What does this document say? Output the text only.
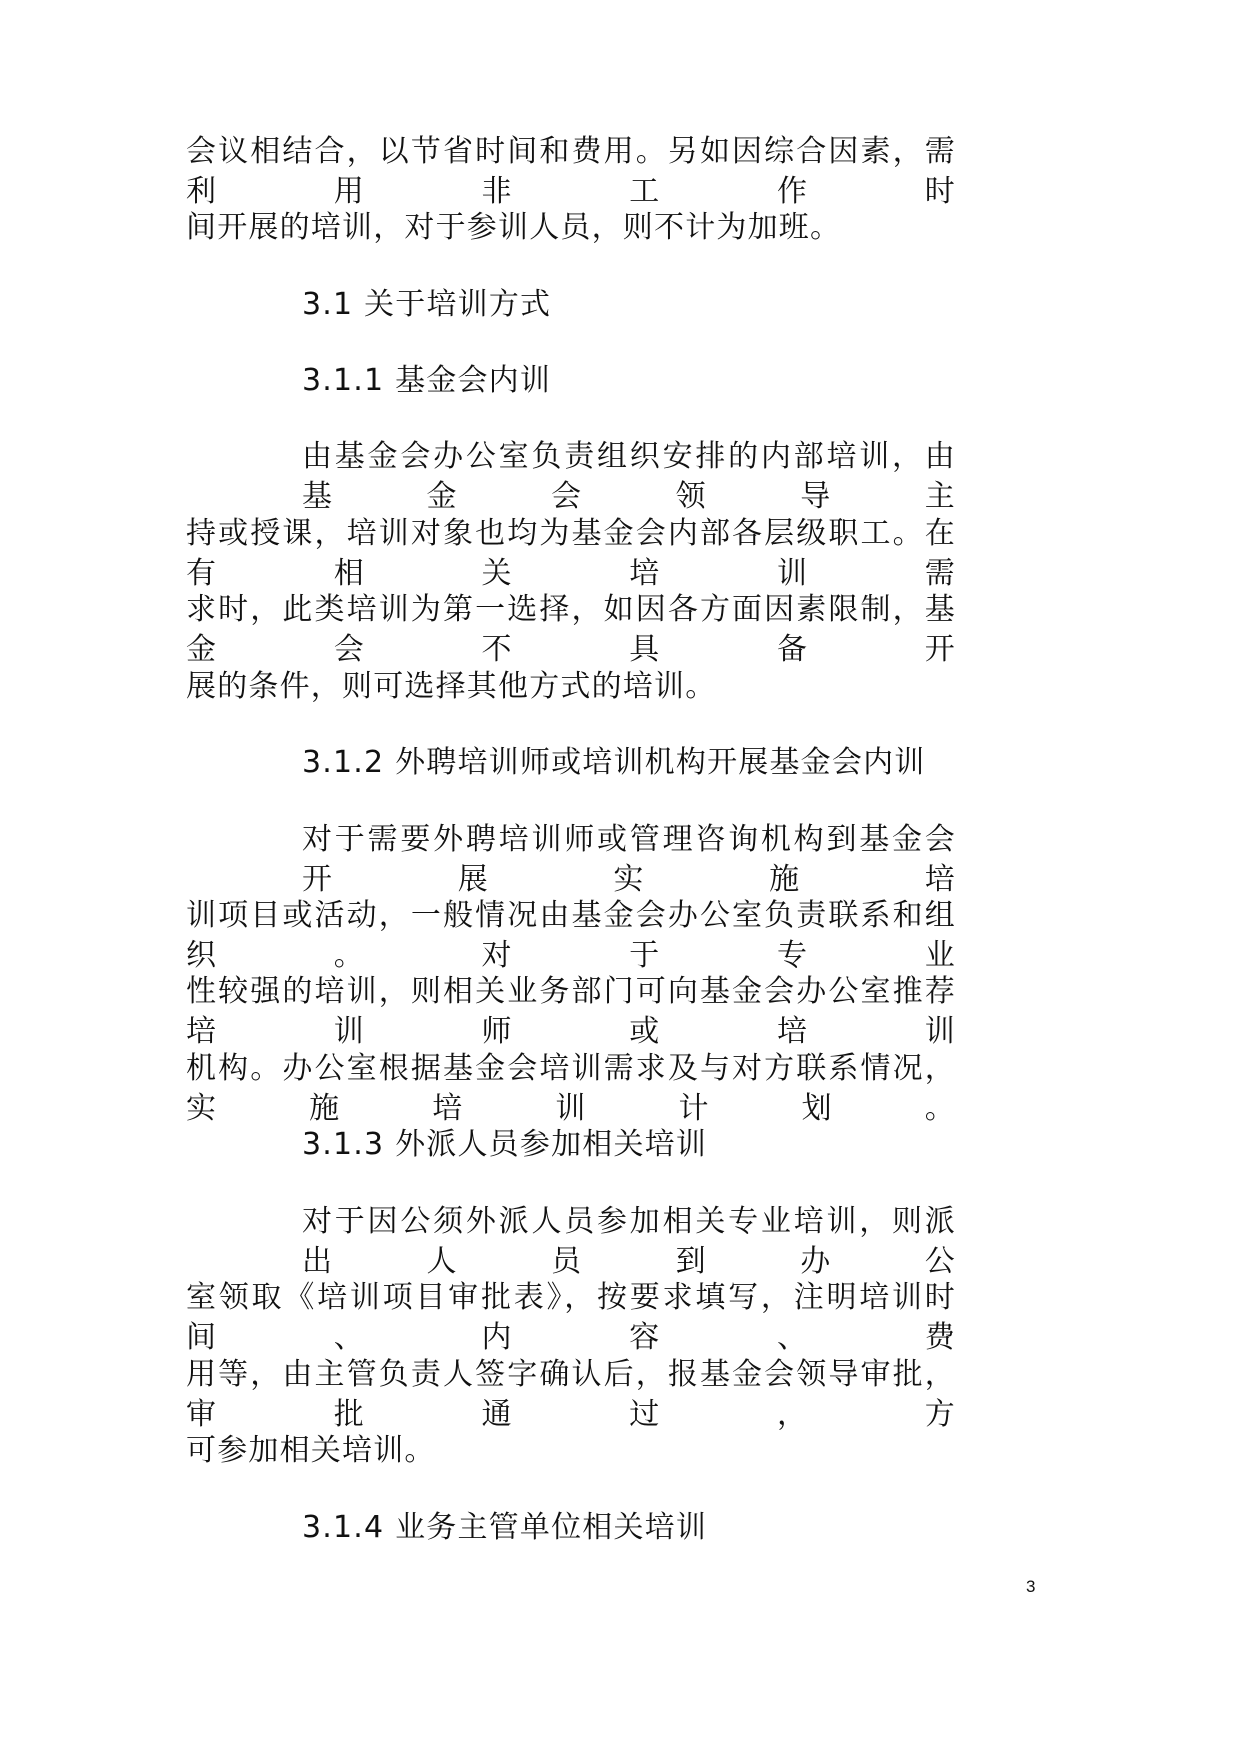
会议相结合，以节省时间和费用。另如因综合因素，需利用非工作时
间开展的培训，对于参训人员，则不计为加班。
3.1 关于培训方式
3.1.1 基金会内训
由基金会办公室负责组织安排的内部培训，由基金会领导主
持或授课，培训对象也均为基金会内部各层级职工。在有相关培训需
求时，此类培训为第一选择，如因各方面因素限制，基金会不具备开
展的条件，则可选择其他方式的培训。
3.1.2 外聘培训师或培训机构开展基金会内训
对于需要外聘培训师或管理咨询机构到基金会开展实施培
训项目或活动，一般情况由基金会办公室负责联系和组织。对于专业
性较强的培训，则相关业务部门可向基金会办公室推荐培训师或培训
机构。办公室根据基金会培训需求及与对方联系情况，实施培训计划。
3.1.3 外派人员参加相关培训
对于因公须外派人员参加相关专业培训，则派出人员到办公
室领取《培训项目审批表》，按要求填写，注明培训时间、内容、费
用等，由主管负责人签字确认后，报基金会领导审批，审批通过，方
可参加相关培训。
3.1.4 业务主管单位相关培训
3
